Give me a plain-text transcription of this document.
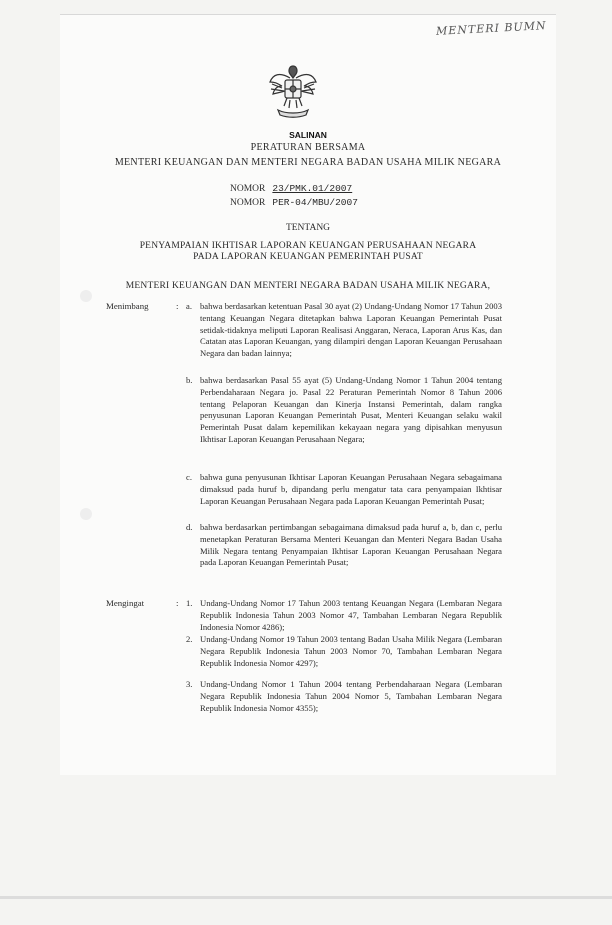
MENTERI BUMN
SALINAN
PERATURAN BERSAMA
MENTERI KEUANGAN DAN MENTERI NEGARA BADAN USAHA MILIK NEGARA
NOMOR 23/PMK.01/2007
NOMOR PER-04/MBU/2007
TENTANG
PENYAMPAIAN IKHTISAR LAPORAN KEUANGAN PERUSAHAAN NEGARA
PADA LAPORAN KEUANGAN PEMERINTAH PUSAT
MENTERI KEUANGAN DAN MENTERI NEGARA BADAN USAHA MILIK NEGARA,
Menimbang	: a. bahwa berdasarkan ketentuan Pasal 30 ayat (2) Undang-Undang Nomor 17 Tahun 2003 tentang Keuangan Negara ditetapkan bahwa Laporan Keuangan Pemerintah Pusat setidak-tidaknya meliputi Laporan Realisasi Anggaran, Neraca, Laporan Arus Kas, dan Catatan atas Laporan Keuangan, yang dilampiri dengan Laporan Keuangan Perusahaan Negara dan badan lainnya;
b. bahwa berdasarkan Pasal 55 ayat (5) Undang-Undang Nomor 1 Tahun 2004 tentang Perbendaharaan Negara jo. Pasal 22 Peraturan Pemerintah Nomor 8 Tahun 2006 tentang Pelaporan Keuangan dan Kinerja Instansi Pemerintah, dalam rangka penyusunan Laporan Keuangan Pemerintah Pusat, Menteri Keuangan selaku wakil Pemerintah Pusat dalam kepemilikan kekayaan negara yang dipisahkan menyusun Ikhtisar Laporan Keuangan Perusahaan Negara;
c. bahwa guna penyusunan Ikhtisar Laporan Keuangan Perusahaan Negara sebagaimana dimaksud pada huruf b, dipandang perlu mengatur tata cara penyampaian Ikhtisar Laporan Keuangan Perusahaan Negara pada Laporan Keuangan Pemerintah Pusat;
d. bahwa berdasarkan pertimbangan sebagaimana dimaksud pada huruf a, b, dan c, perlu menetapkan Peraturan Bersama Menteri Keuangan dan Menteri Negara Badan Usaha Milik Negara tentang Penyampaian Ikhtisar Laporan Keuangan Perusahaan Negara pada Laporan Keuangan Pemerintah Pusat;
Mengingat	: 1. Undang-Undang Nomor 17 Tahun 2003 tentang Keuangan Negara (Lembaran Negara Republik Indonesia Tahun 2003 Nomor 47, Tambahan Lembaran Negara Republik Indonesia Nomor 4286);
2. Undang-Undang Nomor 19 Tahun 2003 tentang Badan Usaha Milik Negara (Lembaran Negara Republik Indonesia Tahun 2003 Nomor 70, Tambahan Lembaran Negara Republik Indonesia Nomor 4297);
3. Undang-Undang Nomor 1 Tahun 2004 tentang Perbendaharaan Negara (Lembaran Negara Republik Indonesia Tahun 2004 Nomor 5, Tambahan Lembaran Negara Republik Indonesia Nomor 4355);
